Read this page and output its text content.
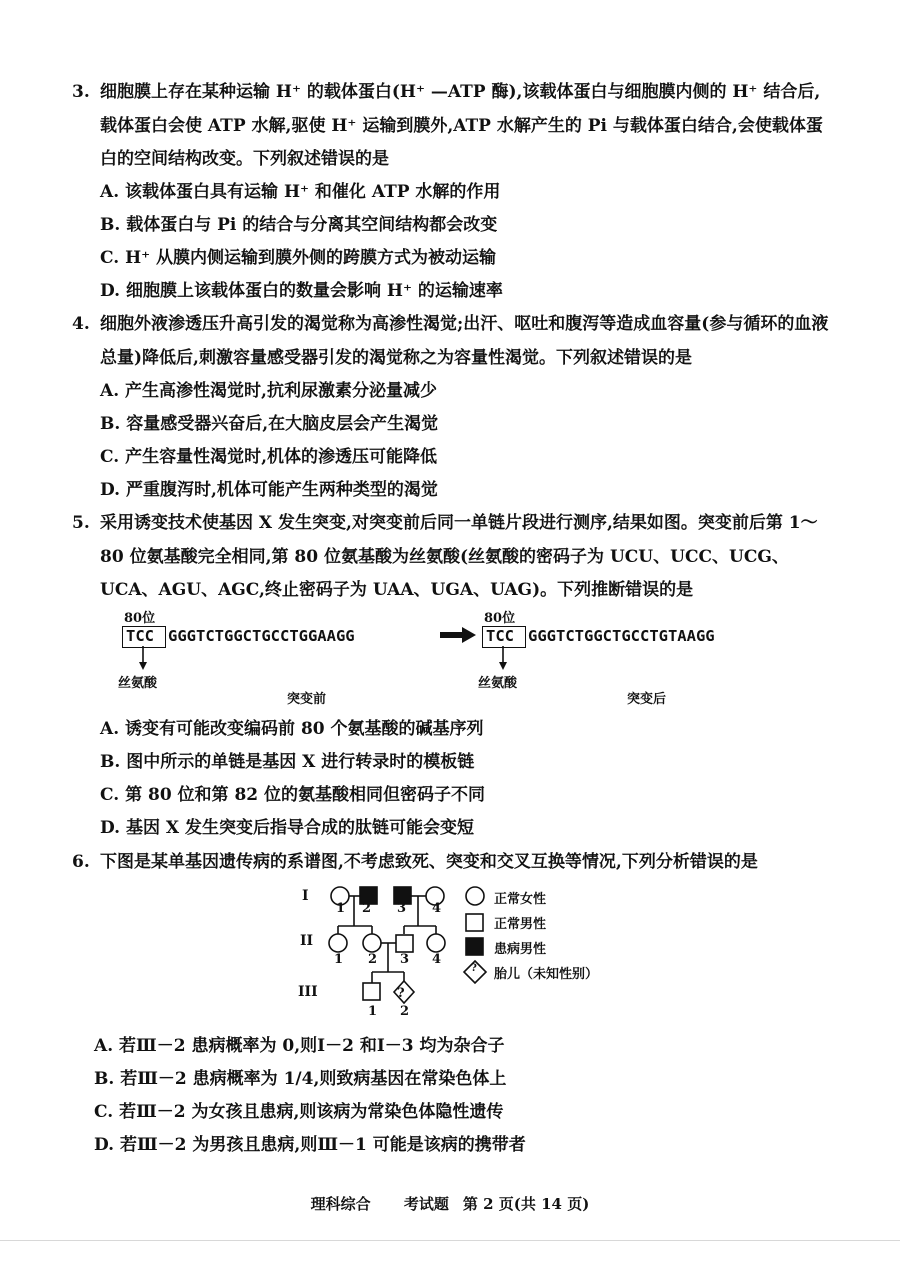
3. 细胞膜上存在某种运输 H⁺ 的载体蛋白(H⁺ —ATP 酶),该载体蛋白与细胞膜内侧的 H⁺ 结合后,载体蛋白会使 ATP 水解,驱使 H⁺ 运输到膜外,ATP 水解产生的 Pi 与载体蛋白结合,会使载体蛋白的空间结构改变。下列叙述错误的是
A. 该载体蛋白具有运输 H⁺ 和催化 ATP 水解的作用
B. 载体蛋白与 Pi 的结合与分离其空间结构都会改变
C. H⁺ 从膜内侧运输到膜外侧的跨膜方式为被动运输
D. 细胞膜上该载体蛋白的数量会影响 H⁺ 的运输速率
4. 细胞外液渗透压升高引发的渴觉称为高渗性渴觉;出汗、呕吐和腹泻等造成血容量(参与循环的血液总量)降低后,刺激容量感受器引发的渴觉称之为容量性渴觉。下列叙述错误的是
A. 产生高渗性渴觉时,抗利尿激素分泌量减少
B. 容量感受器兴奋后,在大脑皮层会产生渴觉
C. 产生容量性渴觉时,机体的渗透压可能降低
D. 严重腹泻时,机体可能产生两种类型的渴觉
5. 采用诱变技术使基因 X 发生突变,对突变前后同一单链片段进行测序,结果如图。突变前后第 1～80 位氨基酸完全相同,第 80 位氨基酸为丝氨酸(丝氨酸的密码子为 UCU、UCC、UCG、UCA、AGU、AGC,终止密码子为 UAA、UGA、UAG)。下列推断错误的是
80位
TCC GGGTCTGGCTGCCTGGAAGG
丝氨酸
80位
TCC GGGTCTGGCTGCCTGTAAGG
丝氨酸
突变前	突变后
A. 诱变有可能改变编码前 80 个氨基酸的碱基序列
B. 图中所示的单链是基因 X 进行转录时的模板链
C. 第 80 位和第 82 位的氨基酸相同但密码子不同
D. 基因 X 发生突变后指导合成的肽链可能会变短
6. 下图是某单基因遗传病的系谱图,不考虑致死、突变和交叉互换等情况,下列分析错误的是
I
II
III	?
1 2 3 4
1 2 3 4
1 2
?
正常女性
正常男性
患病男性
胎儿（未知性别）
A. 若Ⅲ－2 患病概率为 0,则Ⅰ－2 和Ⅰ－3 均为杂合子
B. 若Ⅲ－2 患病概率为 1/4,则致病基因在常染色体上
C. 若Ⅲ－2 为女孩且患病,则该病为常染色体隐性遗传
D. 若Ⅲ－2 为男孩且患病,则Ⅲ－1 可能是该病的携带者
理科综合 考试题 第 2 页(共 14 页)
